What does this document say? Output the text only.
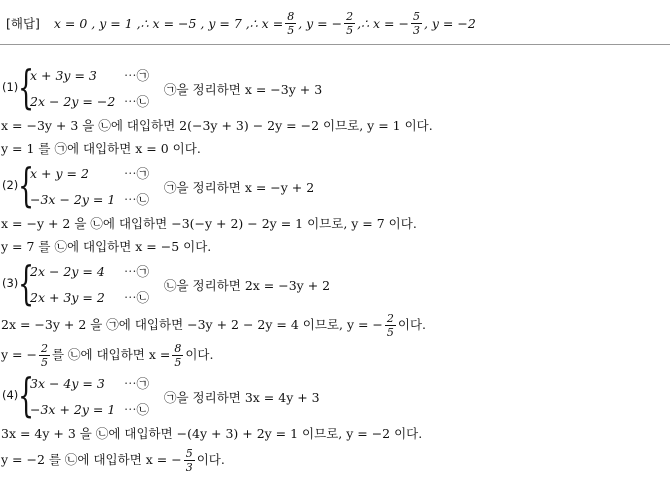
[해답] x = 0 , y = 1 ,∴ x = −5 , y = 7 ,∴ $x = \frac{8}{5}$ , y = − $\frac{2}{5}$ ,∴ x = − $\frac{5}{3}$ , y = −2
(1) {
x + 3y = 3 ⋯㉠
2x − 2y = −2 ⋯㉡
㉠을 정리하면 x = −3y + 3
x = −3y + 3 을 ㉡에 대입하면 2(−3y + 3) − 2y = −2 이므로, y = 1 이다.
y = 1 를 ㉠에 대입하면 x = 0 이다.
(2) {
x + y = 2	⋯㉠
−3x − 2y = 1 ⋯㉡
㉠을 정리하면 x = −y + 2
x = −y + 2 을 ㉡에 대입하면 −3(−y + 2) − 2y = 1 이므로, y = 7 이다.
y = 7 를 ㉡에 대입하면 x = −5 이다.
(3) {
2x − 2y = 4 ⋯㉠
2x + 3y = 2 ⋯㉡
㉡을 정리하면 2x = −3y + 2
2x = −3y + 2 을 ㉠에 대입하면 −3y + 2 − 2y = 4 이므로, y = − $\frac{2}{5}$ 이다.
y = − $\frac{2}{5}$ 를 ㉡에 대입하면 $x = \frac{8}{5}$ 이다.
(4) {
3x − 4y = 3 ⋯㉠
−3x + 2y = 1 ⋯㉡
㉠을 정리하면 3x = 4y + 3
3x = 4y + 3 을 ㉡에 대입하면 −(4y + 3) + 2y = 1 이므로, y = −2 이다.
y = −2 를 ㉡에 대입하면 x = − $\frac{5}{3}$ 이다.
